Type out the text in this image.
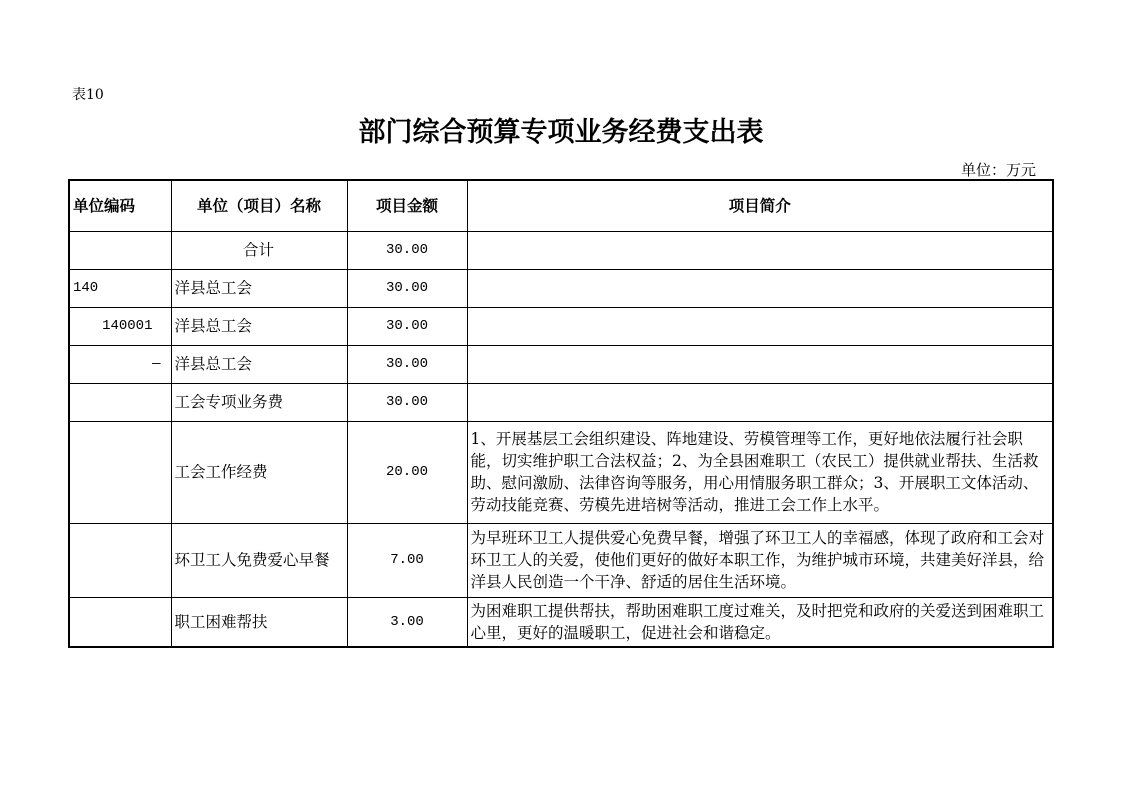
表10
部门综合预算专项业务经费支出表
单位：万元
单位编码	单位（项目）名称	项目金额	项目简介
	合计	30.00	
140	洋县总工会	30.00	
140001	洋县总工会	30.00	
—	洋县总工会	30.00	
	工会专项业务费	30.00	
	工会工作经费	20.00	1、开展基层工会组织建设、阵地建设、劳模管理等工作，更好地依法履行社会职能，切实维护职工合法权益；2、为全县困难职工（农民工）提供就业帮扶、生活救助、慰问激励、法律咨询等服务，用心用情服务职工群众；3、开展职工文体活动、劳动技能竞赛、劳模先进培树等活动，推进工会工作上水平。
	环卫工人免费爱心早餐	7.00	为早班环卫工人提供爱心免费早餐，增强了环卫工人的幸福感，体现了政府和工会对环卫工人的关爱，使他们更好的做好本职工作，为维护城市环境，共建美好洋县，给洋县人民创造一个干净、舒适的居住生活环境。
	职工困难帮扶	3.00	为困难职工提供帮扶，帮助困难职工度过难关，及时把党和政府的关爱送到困难职工心里，更好的温暖职工，促进社会和谐稳定。
